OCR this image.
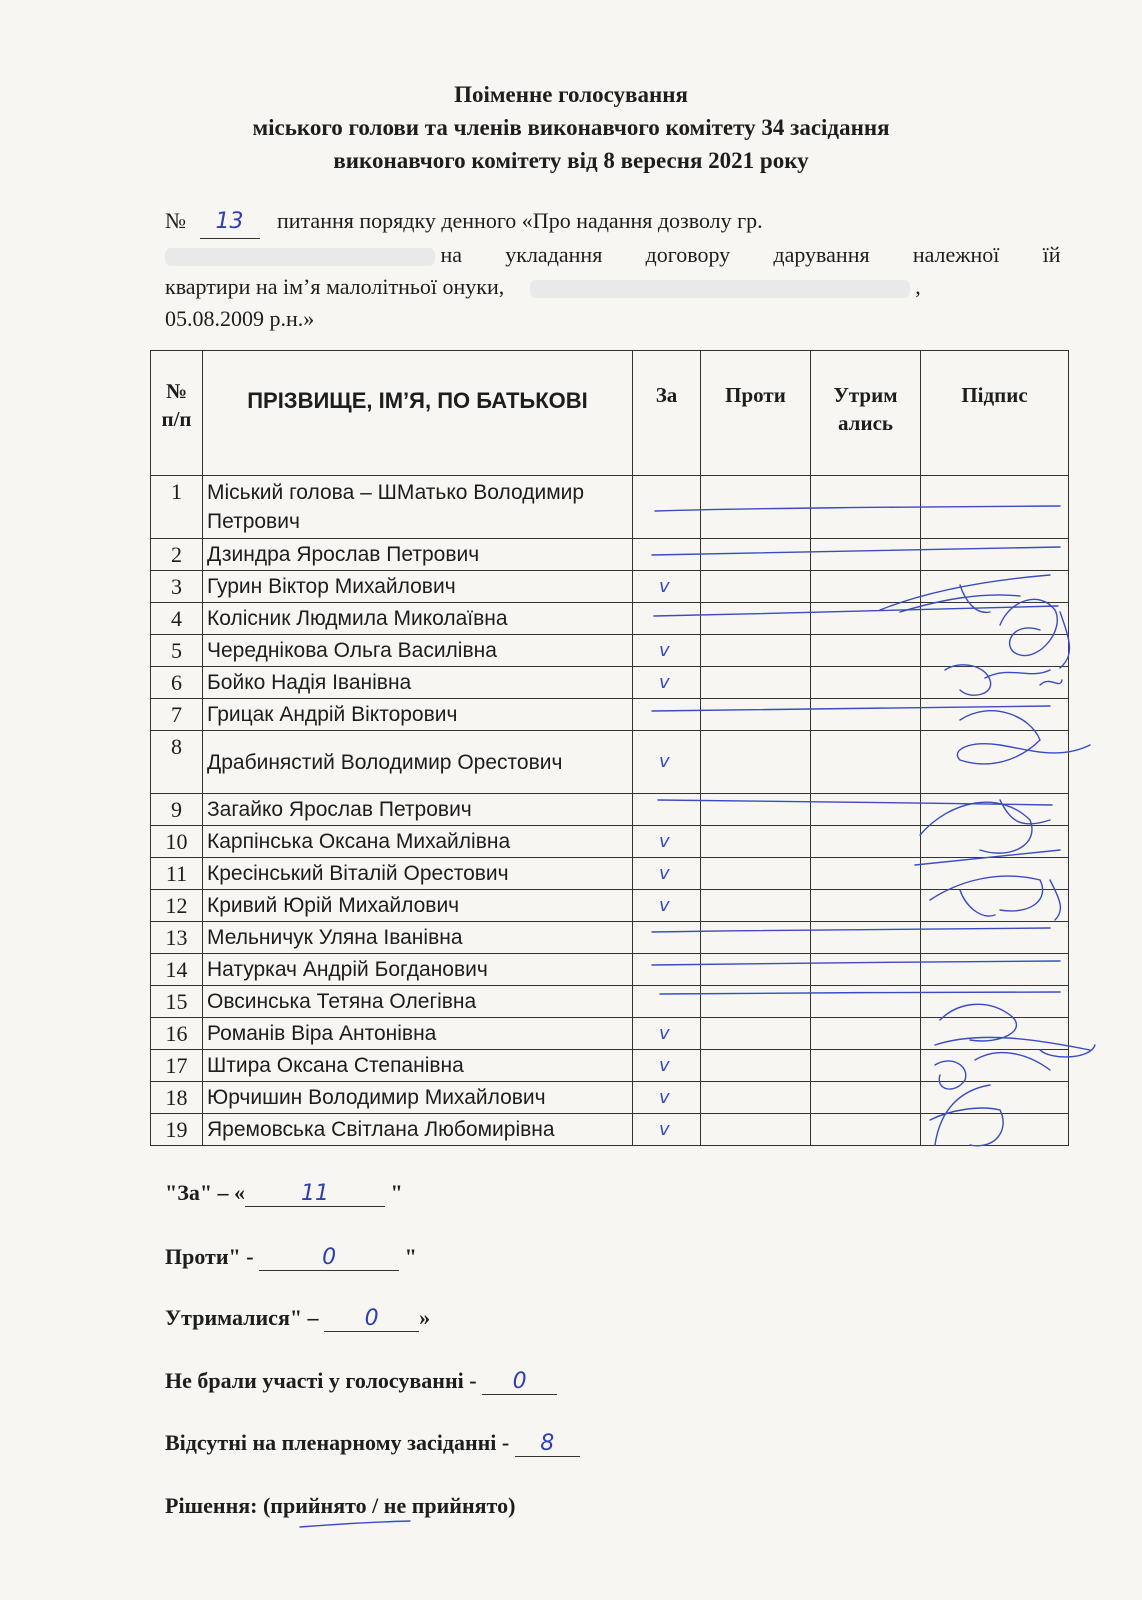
Поіменне голосування
міського голови та членів виконавчого комітету 34 засідання
виконавчого комітету від 8 вересня 2021 року
№ 13 питання порядку денного «Про надання дозволу гр.
на укладання договору дарування належної їй
квартири на ім’я малолітньої онуки,	,
05.08.2009 р.н.»
№ п/п	ПРІЗВИЩЕ, ІМ’Я, ПО БАТЬКОВІ	За	Проти	Утрим ались	Підпис
1	Міський голова – ШМатько Володимир Петрович				
2	Дзиндра Ярослав Петрович				
3	Гурин Віктор Михайлович	v			
4	Колісник Людмила Миколаївна				
5	Череднікова Ольга Василівна	v			
6	Бойко Надія Іванівна	v			
7	Грицак Андрій Вікторович				
8	Драбинястий Володимир Орестович	v			
9	Загайко Ярослав Петрович				
10	Карпінська Оксана Михайлівна	v			
11	Кресінський Віталій Орестович	v			
12	Кривий Юрій Михайлович	v			
13	Мельничук Уляна Іванівна				
14	Натуркач Андрій Богданович				
15	Овсинська Тетяна Олегівна				
16	Романів Віра Антонівна	v			
17	Штира Оксана Степанівна	v			
18	Юрчишин Володимир Михайлович	v			
19	Яремовська Світлана Любомирівна	v			
"За" – «	11	"
Проти" -	0	"
Утрималися" – 0 »
Не брали участі у голосуванні - 0
Відсутні на пленарному засіданні - 8
Рішення: (прийнято / не прийнято)
